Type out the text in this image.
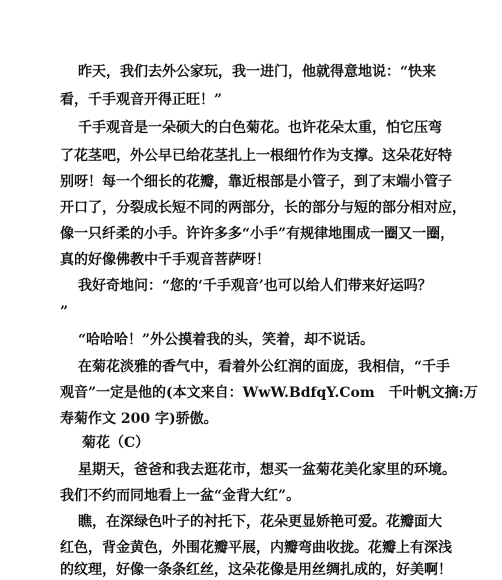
昨天，我们去外公家玩，我一进门，他就得意地说：“快来
看，千手观音开得正旺！”
千手观音是一朵硕大的白色菊花。也许花朵太重，怕它压弯
了花茎吧，外公早已给花茎扎上一根细竹作为支撑。这朵花好特
别呀！每一个细长的花瓣，靠近根部是小管子，到了末端小管子
开口了，分裂成长短不同的两部分，长的部分与短的部分相对应，
像一只纤柔的小手。许许多多“小手”有规律地围成一圈又一圈，
真的好像佛教中千手观音菩萨呀！
我好奇地问：“您的‘千手观音’也可以给人们带来好运吗？
”
“哈哈哈！”外公摸着我的头，笑着，却不说话。
在菊花淡雅的香气中，看着外公红润的面庞，我相信，“千手
观音”一定是他的(本文来自：WwW.BdfqY.Com　千叶帆文摘:万
寿菊作文 200 字)骄傲。
菊花（C）
星期天，爸爸和我去逛花市，想买一盆菊花美化家里的环境。
我们不约而同地看上一盆“金背大红”。
瞧，在深绿色叶子的衬托下，花朵更显娇艳可爱。花瓣面大
红色，背金黄色，外围花瓣平展，内瓣弯曲收拢。花瓣上有深浅
的纹理，好像一条条红丝，这朵花像是用丝绸扎成的，好美啊！
